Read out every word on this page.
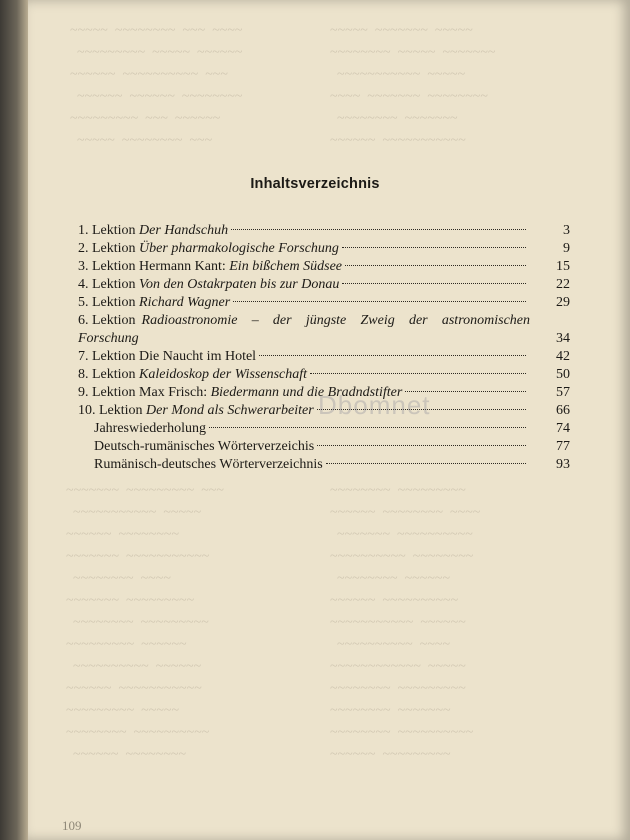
Inhaltsverzeichnis
1. Lektion Der Handschuh	3
2. Lektion Über pharmakologische Forschung	9
3. Lektion Hermann Kant: Ein bißchem Südsee	15
4. Lektion Von den Ostakrpaten bis zur Donau	22
5. Lektion Richard Wagner	29
6. Lektion Radioastronomie – der jüngste Zweig der astronomischen
Forschung	34
7. Lektion Die Naucht im Hotel	42
8. Lektion Kaleidoskop der Wissenschaft	50
9. Lektion Max Frisch: Biedermann und die Bradndstifter	57
10. Lektion Der Mond als Schwerarbeiter	66
Jahreswiederholung	74
Deutsch-rumänisches Wörterverzeichis	77
Rumänisch-deutsches Wörterverzeichnis	93
Dbomnet
109
